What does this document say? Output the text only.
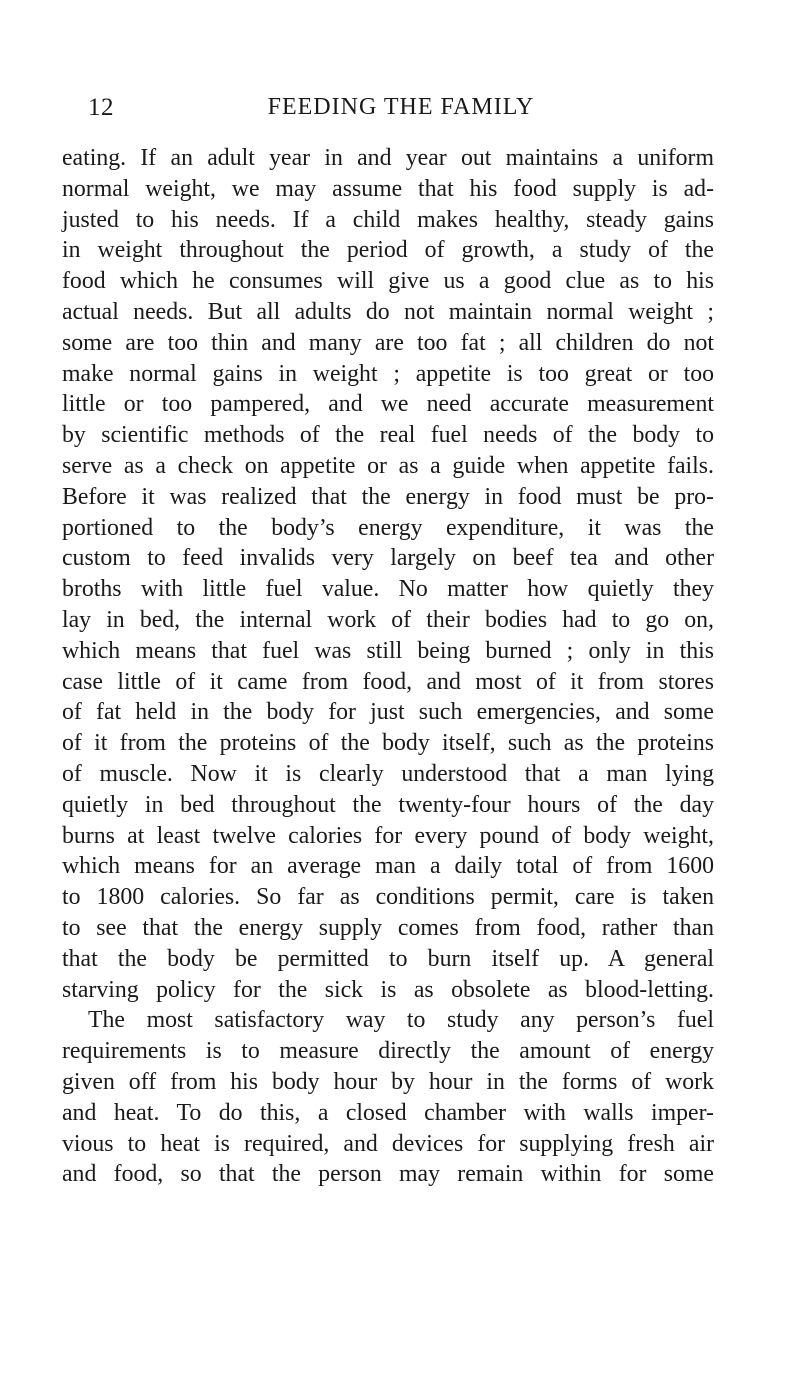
12	FEEDING THE FAMILY
eating. If an adult year in and year out maintains a uniform
normal weight, we may assume that his food supply is ad-
justed to his needs. If a child makes healthy, steady gains
in weight throughout the period of growth, a study of the
food which he consumes will give us a good clue as to his
actual needs. But all adults do not maintain normal weight ;
some are too thin and many are too fat ; all children do not
make normal gains in weight ; appetite is too great or too
little or too pampered, and we need accurate measurement
by scientific methods of the real fuel needs of the body to
serve as a check on appetite or as a guide when appetite fails.
Before it was realized that the energy in food must be pro-
portioned to the body’s energy expenditure, it was the
custom to feed invalids very largely on beef tea and other
broths with little fuel value. No matter how quietly they
lay in bed, the internal work of their bodies had to go on,
which means that fuel was still being burned ; only in this
case little of it came from food, and most of it from stores
of fat held in the body for just such emergencies, and some
of it from the proteins of the body itself, such as the proteins
of muscle. Now it is clearly understood that a man lying
quietly in bed throughout the twenty-four hours of the day
burns at least twelve calories for every pound of body weight,
which means for an average man a daily total of from 1600
to 1800 calories. So far as conditions permit, care is taken
to see that the energy supply comes from food, rather than
that the body be permitted to burn itself up. A general
starving policy for the sick is as obsolete as blood-letting.
The most satisfactory way to study any person’s fuel
requirements is to measure directly the amount of energy
given off from his body hour by hour in the forms of work
and heat. To do this, a closed chamber with walls imper-
vious to heat is required, and devices for supplying fresh air
and food, so that the person may remain within for some
